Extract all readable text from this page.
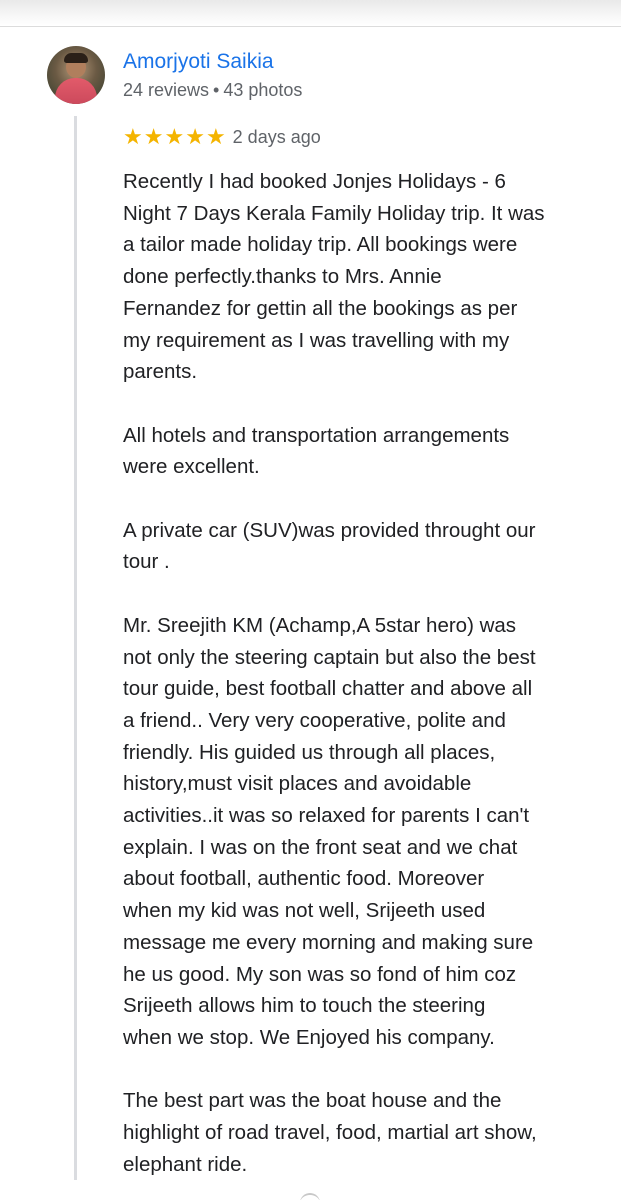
Amorjyoti Saikia
24 reviews • 43 photos
★ ★ ★ ★ ★ 2 days ago

Recently I had booked Jonjes Holidays - 6
Night 7 Days Kerala Family Holiday trip. It was
a tailor made holiday trip. All bookings were
done perfectly.thanks to Mrs. Annie
Fernandez for gettin all the bookings as per
my requirement as I was travelling with my
parents.

All hotels and transportation arrangements
were excellent.

A private car (SUV)was provided throught our
tour .

Mr. Sreejith KM (Achamp,A 5star hero) was
not only the steering captain but also the best
tour guide, best football chatter and above all
a friend.. Very very cooperative, polite and
friendly. His guided us through all places,
history,must visit places and avoidable
activities..it was so relaxed for parents I can't
explain. I was on the front seat and we chat
about football, authentic food. Moreover
when my kid was not well, Srijeeth used
message me every morning and making sure
he us good. My son was so fond of him coz
Srijeeth allows him to touch the steering
when we stop. We Enjoyed his company.

The best part was the boat house and the
highlight of road travel, food, martial art show,
elephant ride.
